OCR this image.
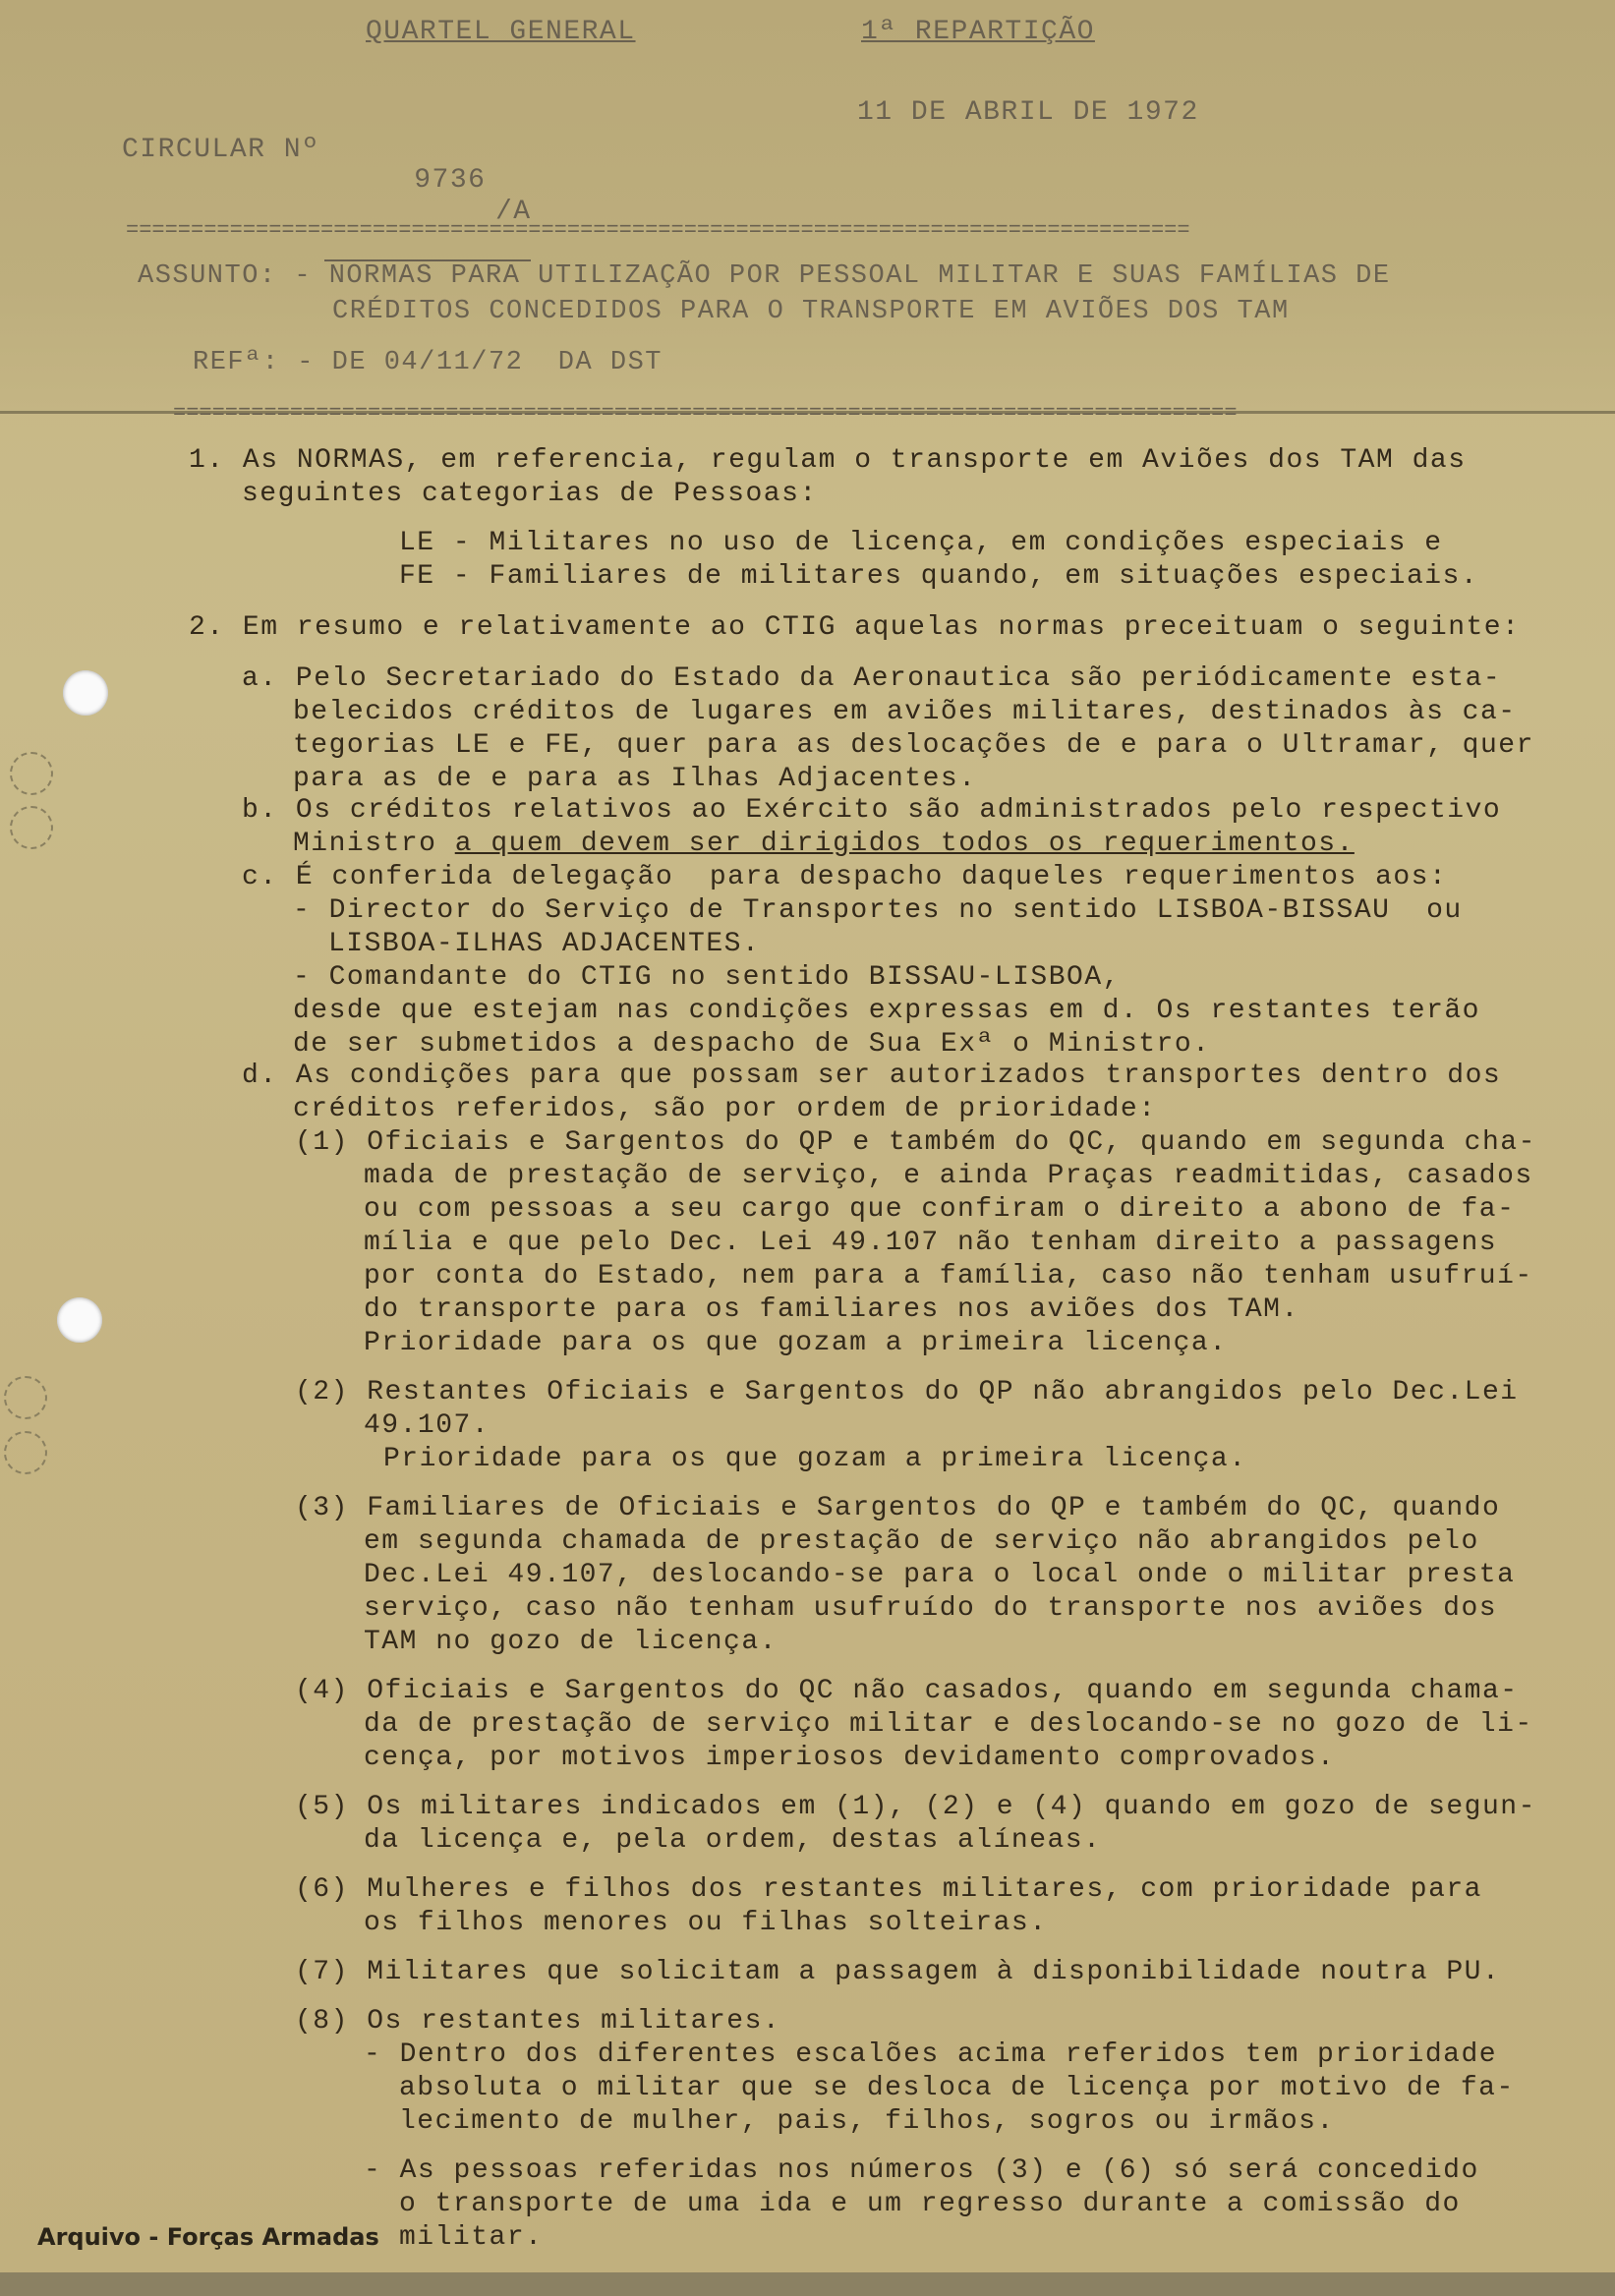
QUARTEL GENERAL	1ª REPARTIÇÃO
11 DE ABRIL DE 1972
CIRCULAR Nº

9736

/A

==================================================================================
ASSUNTO: - NORMAS PARA UTILIZAÇÃO POR PESSOAL MILITAR E SUAS FAMÍLIAS DE
CRÉDITOS CONCEDIDOS PARA O TRANSPORTE EM AVIÕES DOS TAM
REFª: - DE 04/11/72  DA DST
==================================================================================
1. As NORMAS, em referencia, regulam o transporte em Aviões dos TAM das
seguintes categorias de Pessoas:
LE - Militares no uso de licença, em condições especiais e
FE - Familiares de militares quando, em situações especiais.
2. Em resumo e relativamente ao CTIG aquelas normas preceituam o seguinte:
a. Pelo Secretariado do Estado da Aeronautica são periódicamente esta-
belecidos créditos de lugares em aviões militares, destinados às ca-
tegorias LE e FE, quer para as deslocações de e para o Ultramar, quer
para as de e para as Ilhas Adjacentes.
b. Os créditos relativos ao Exército são administrados pelo respectivo
Ministro a quem devem ser dirigidos todos os requerimentos.
c. É conferida delegação  para despacho daqueles requerimentos aos:
- Director do Serviço de Transportes no sentido LISBOA-BISSAU  ou
LISBOA-ILHAS ADJACENTES.
- Comandante do CTIG no sentido BISSAU-LISBOA,
desde que estejam nas condições expressas em d. Os restantes terão
de ser submetidos a despacho de Sua Exª o Ministro.
d. As condições para que possam ser autorizados transportes dentro dos
créditos referidos, são por ordem de prioridade:
(1) Oficiais e Sargentos do QP e também do QC, quando em segunda cha-
mada de prestação de serviço, e ainda Praças readmitidas, casados
ou com pessoas a seu cargo que confiram o direito a abono de fa-
mília e que pelo Dec. Lei 49.107 não tenham direito a passagens
por conta do Estado, nem para a família, caso não tenham usufruí-
do transporte para os familiares nos aviões dos TAM.
Prioridade para os que gozam a primeira licença.
(2) Restantes Oficiais e Sargentos do QP não abrangidos pelo Dec.Lei
49.107.
Prioridade para os que gozam a primeira licença.
(3) Familiares de Oficiais e Sargentos do QP e também do QC, quando
em segunda chamada de prestação de serviço não abrangidos pelo
Dec.Lei 49.107, deslocando-se para o local onde o militar presta
serviço, caso não tenham usufruído do transporte nos aviões dos
TAM no gozo de licença.
(4) Oficiais e Sargentos do QC não casados, quando em segunda chama-
da de prestação de serviço militar e deslocando-se no gozo de li-
cença, por motivos imperiosos devidamento comprovados.
(5) Os militares indicados em (1), (2) e (4) quando em gozo de segun-
da licença e, pela ordem, destas alíneas.
(6) Mulheres e filhos dos restantes militares, com prioridade para
os filhos menores ou filhas solteiras.
(7) Militares que solicitam a passagem à disponibilidade noutra PU.
(8) Os restantes militares.
- Dentro dos diferentes escalões acima referidos tem prioridade
absoluta o militar que se desloca de licença por motivo de fa-
lecimento de mulher, pais, filhos, sogros ou irmãos.
- As pessoas referidas nos números (3) e (6) só será concedido
o transporte de uma ida e um regresso durante a comissão do
militar.
Arquivo - Forças Armadas
